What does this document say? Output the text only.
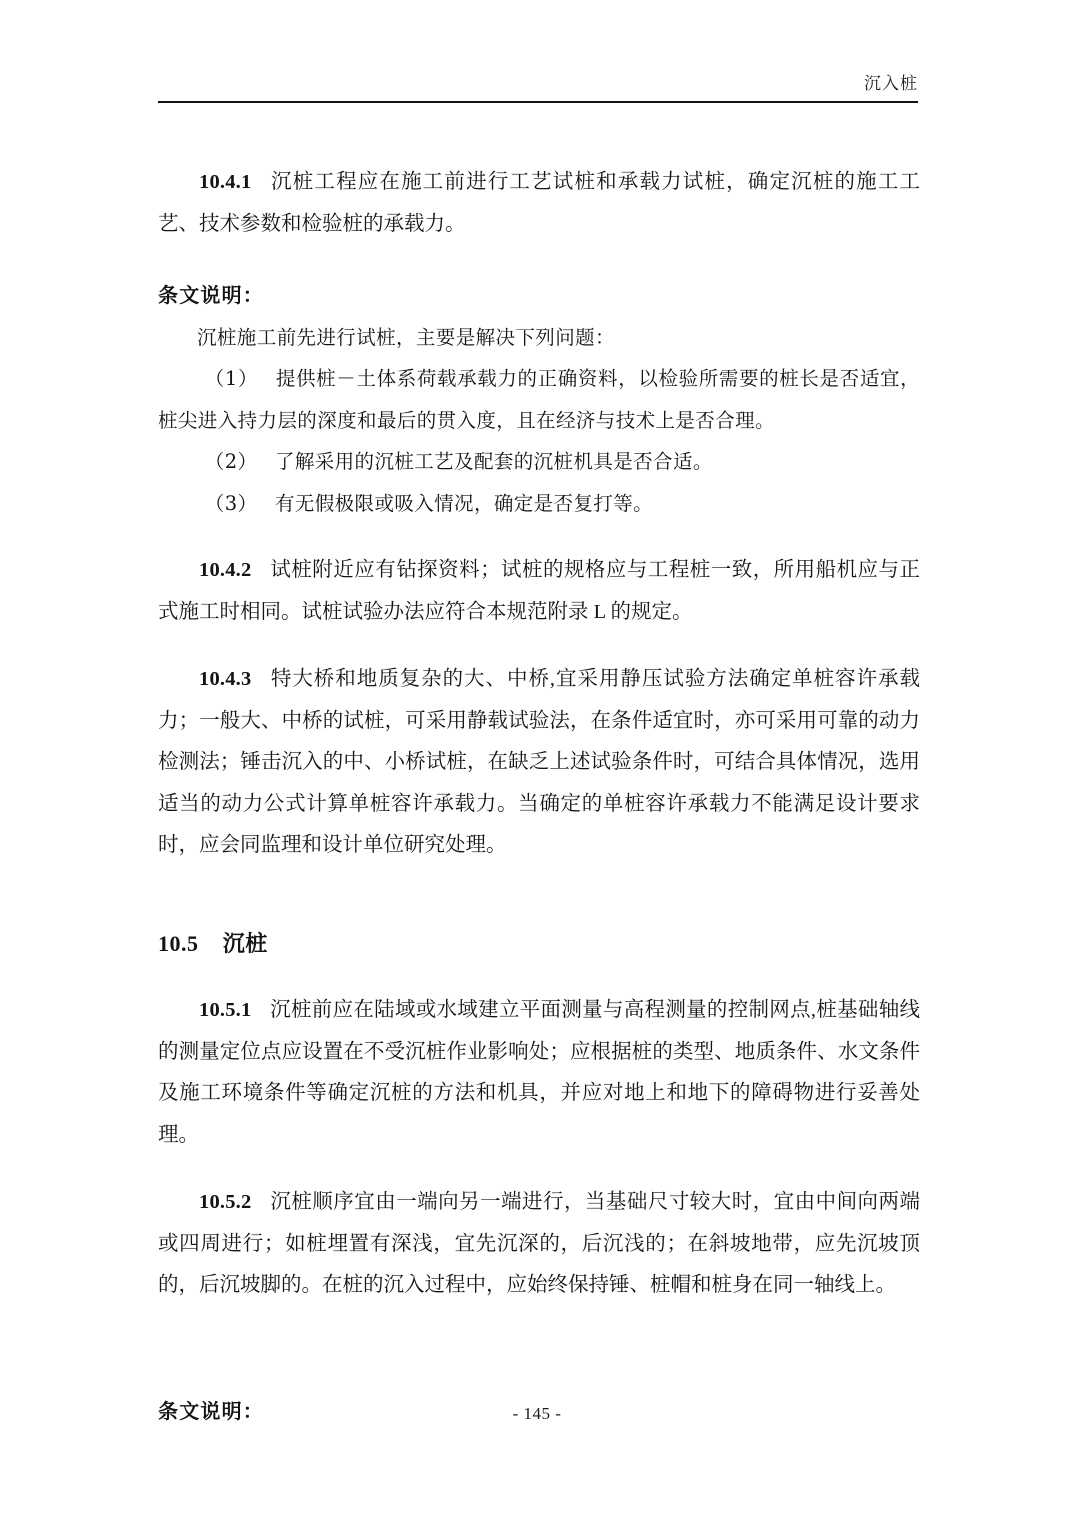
沉入桩

10.4.1 沉桩工程应在施工前进行工艺试桩和承载力试桩，确定沉桩的施工工艺、技术参数和检验桩的承载力。

条文说明：

沉桩施工前先进行试桩，主要是解决下列问题：

（1） 提供桩－土体系荷载承载力的正确资料，以检验所需要的桩长是否适宜，桩尖进入持力层的深度和最后的贯入度，且在经济与技术上是否合理。

（2） 了解采用的沉桩工艺及配套的沉桩机具是否合适。

（3） 有无假极限或吸入情况，确定是否复打等。

10.4.2 试桩附近应有钻探资料；试桩的规格应与工程桩一致，所用船机应与正式施工时相同。试桩试验办法应符合本规范附录 L 的规定。

10.4.3 特大桥和地质复杂的大、中桥,宜采用静压试验方法确定单桩容许承载力；一般大、中桥的试桩，可采用静载试验法，在条件适宜时，亦可采用可靠的动力检测法；锤击沉入的中、小桥试桩，在缺乏上述试验条件时，可结合具体情况，选用适当的动力公式计算单桩容许承载力。当确定的单桩容许承载力不能满足设计要求时，应会同监理和设计单位研究处理。

10.5 沉桩

10.5.1 沉桩前应在陆域或水域建立平面测量与高程测量的控制网点,桩基础轴线的测量定位点应设置在不受沉桩作业影响处；应根据桩的类型、地质条件、水文条件及施工环境条件等确定沉桩的方法和机具，并应对地上和地下的障碍物进行妥善处理。

10.5.2 沉桩顺序宜由一端向另一端进行，当基础尺寸较大时，宜由中间向两端或四周进行；如桩埋置有深浅，宜先沉深的，后沉浅的；在斜坡地带，应先沉坡顶的，后沉坡脚的。在桩的沉入过程中，应始终保持锤、桩帽和桩身在同一轴线上。

条文说明：	- 145 -
